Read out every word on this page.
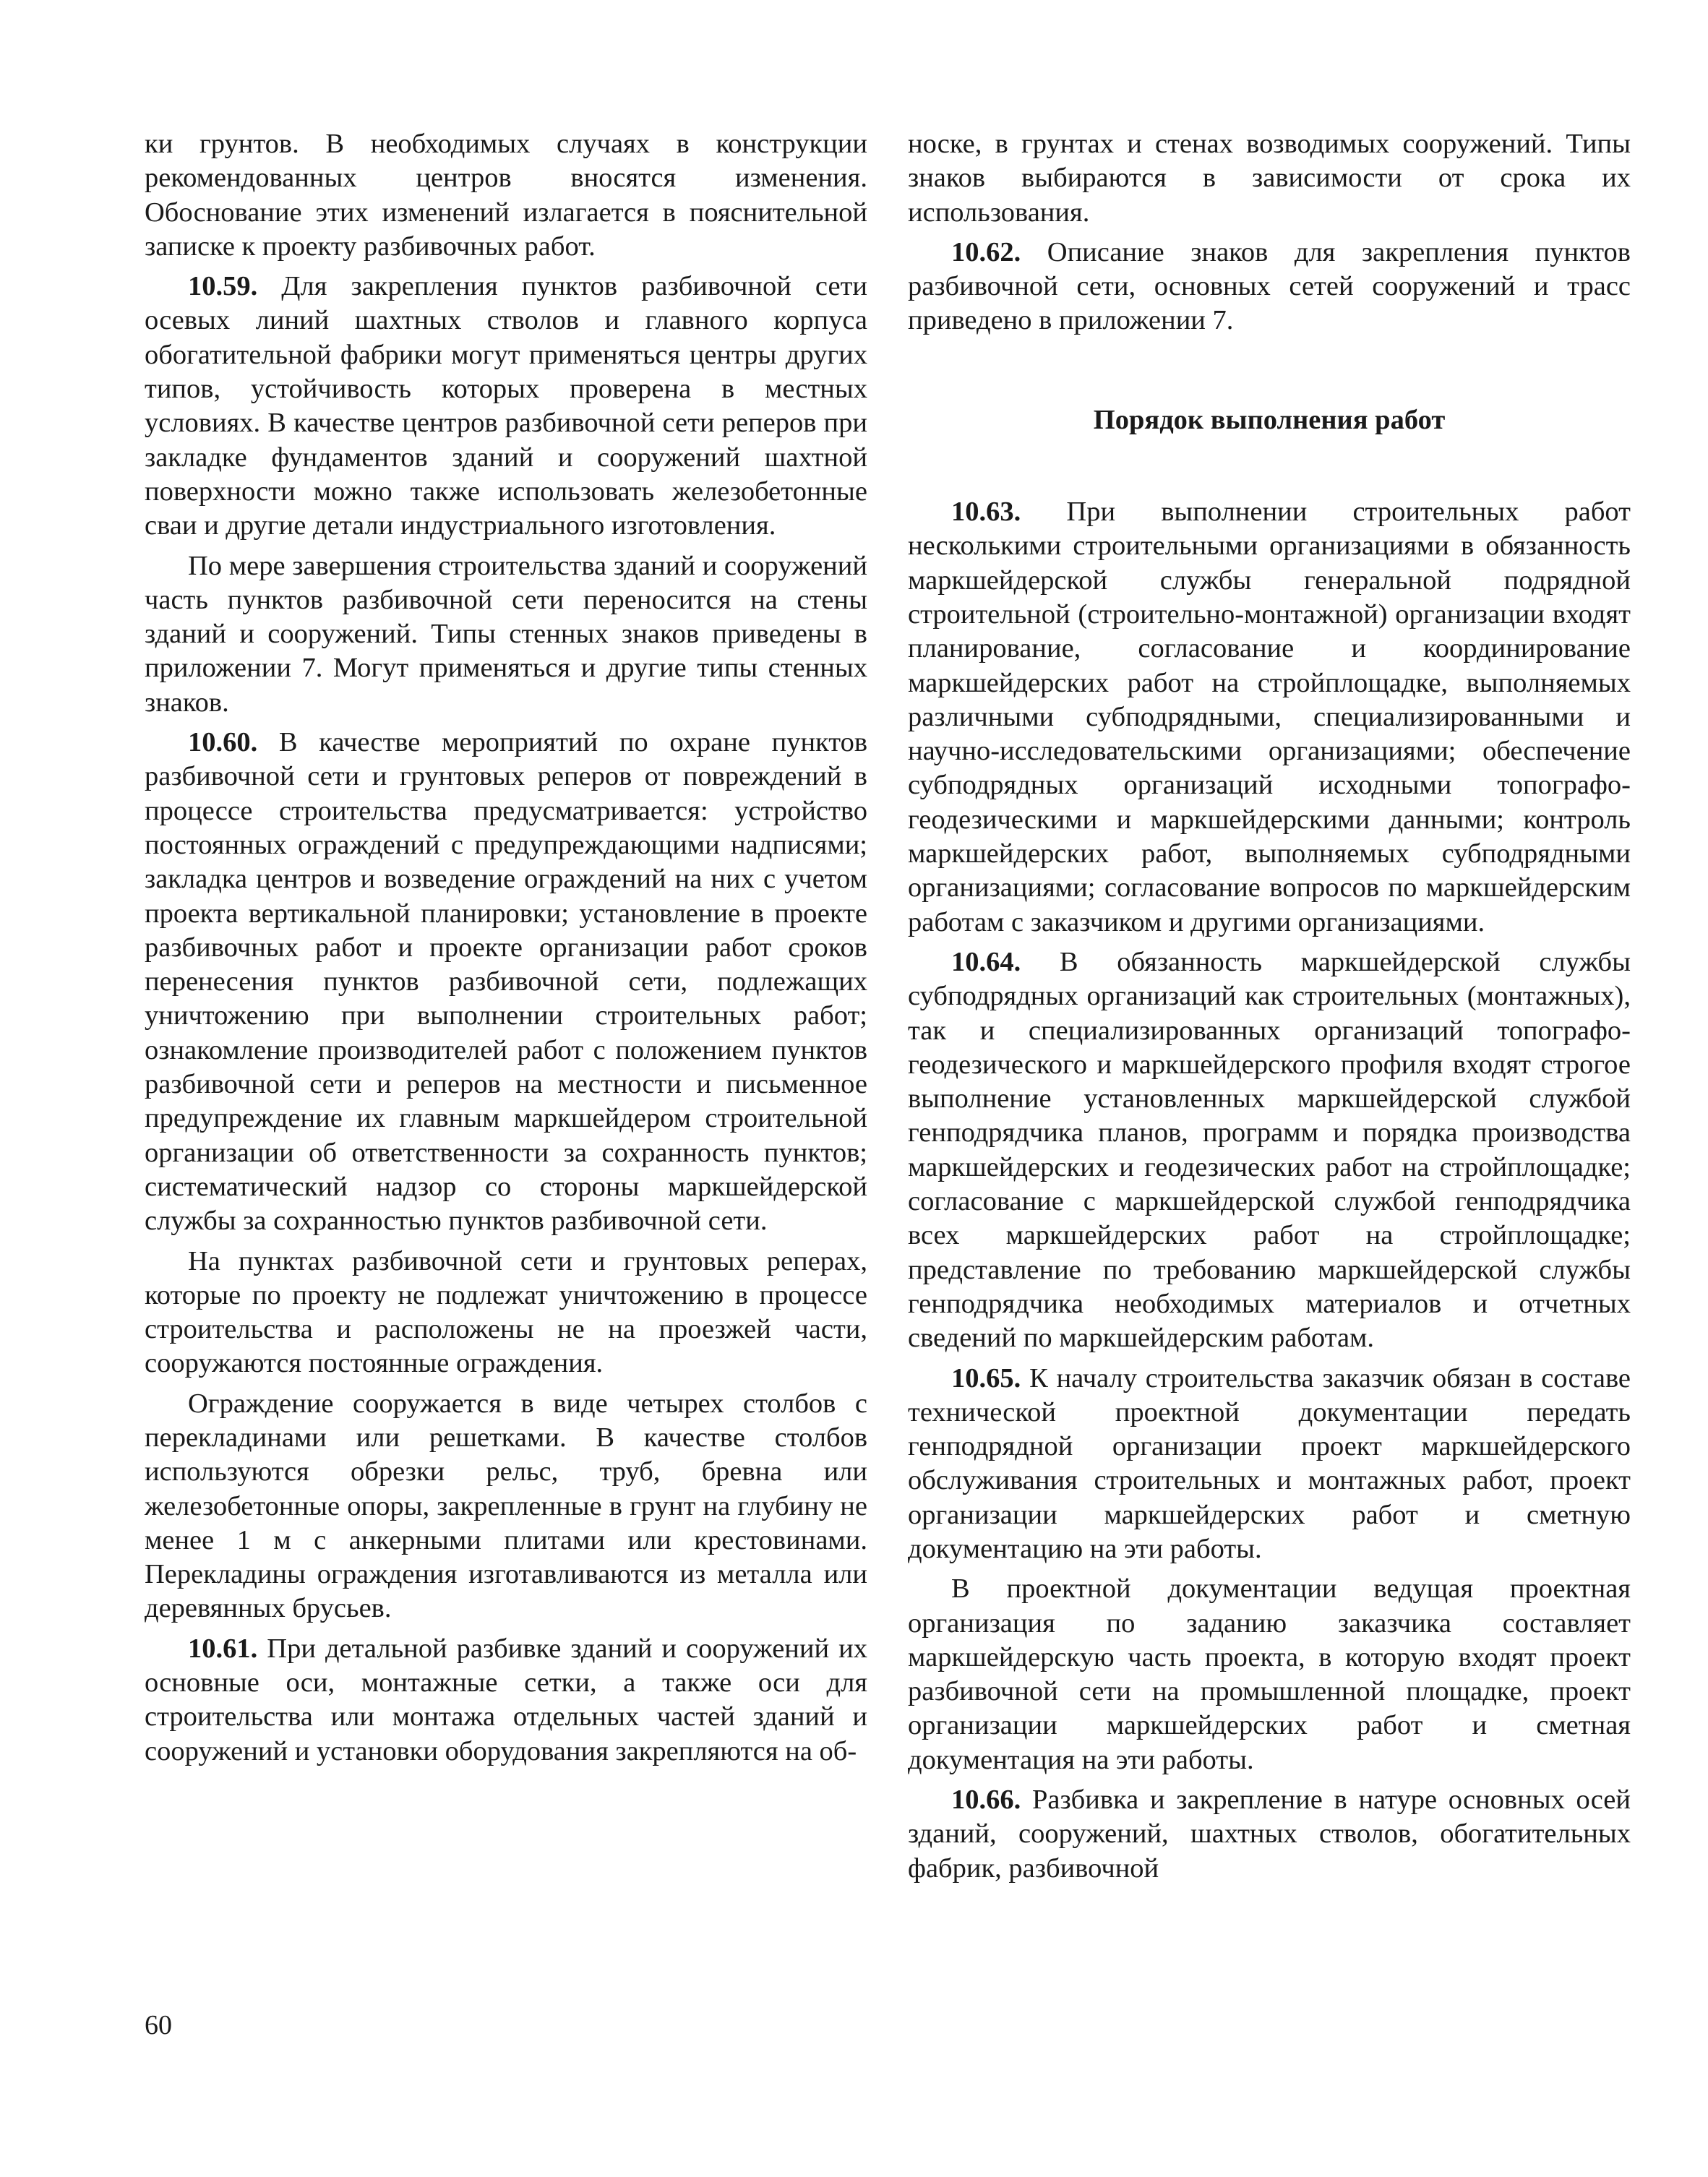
ки грунтов. В необходимых случаях в конструкции рекомендованных центров вносятся изменения. Обоснование этих изменений излагается в пояснительной записке к проекту разбивочных работ.

10.59. Для закрепления пунктов разбивочной сети осевых линий шахтных стволов и главного корпуса обогатительной фабрики могут применяться центры других типов, устойчивость которых проверена в местных условиях. В качестве центров разбивочной сети реперов при закладке фундаментов зданий и сооружений шахтной поверхности можно также использовать железобетонные сваи и другие детали индустриального изготовления.

По мере завершения строительства зданий и сооружений часть пунктов разбивочной сети переносится на стены зданий и сооружений. Типы стенных знаков приведены в приложении 7. Могут применяться и другие типы стенных знаков.

10.60. В качестве мероприятий по охране пунктов разбивочной сети и грунтовых реперов от повреждений в процессе строительства предусматривается: устройство постоянных ограждений с предупреждающими надписями; закладка центров и возведение ограждений на них с учетом проекта вертикальной планировки; установление в проекте разбивочных работ и проекте организации работ сроков перенесения пунктов разбивочной сети, подлежащих уничтожению при выполнении строительных работ; ознакомление производителей работ с положением пунктов разбивочной сети и реперов на местности и письменное предупреждение их главным маркшейдером строительной организации об ответственности за сохранность пунктов; систематический надзор со стороны маркшейдерской службы за сохранностью пунктов разбивочной сети.

На пунктах разбивочной сети и грунтовых реперах, которые по проекту не подлежат уничтожению в процессе строительства и расположены не на проезжей части, сооружаются постоянные ограждения.

Ограждение сооружается в виде четырех столбов с перекладинами или решетками. В качестве столбов используются обрезки рельс, труб, бревна или железобетонные опоры, закрепленные в грунт на глубину не менее 1 м с анкерными плитами или крестовинами. Перекладины ограждения изготавливаются из металла или деревянных брусьев.

10.61. При детальной разбивке зданий и сооружений их основные оси, монтажные сетки, а также оси для строительства или монтажа отдельных частей зданий и сооружений и установки оборудования закрепляются на об-

носке, в грунтах и стенах возводимых сооружений. Типы знаков выбираются в зависимости от срока их использования.

10.62. Описание знаков для закрепления пунктов разбивочной сети, основных сетей сооружений и трасс приведено в приложении 7.

Порядок выполнения работ

10.63. При выполнении строительных работ несколькими строительными организациями в обязанность маркшейдерской службы генеральной подрядной строительной (строительно-монтажной) организации входят планирование, согласование и координирование маркшейдерских работ на стройплощадке, выполняемых различными субподрядными, специализированными и научно-исследовательскими организациями; обеспечение субподрядных организаций исходными топографо-геодезическими и маркшейдерскими данными; контроль маркшейдерских работ, выполняемых субподрядными организациями; согласование вопросов по маркшейдерским работам с заказчиком и другими организациями.

10.64. В обязанность маркшейдерской службы субподрядных организаций как строительных (монтажных), так и специализированных организаций топографо-геодезического и маркшейдерского профиля входят строгое выполнение установленных маркшейдерской службой генподрядчика планов, программ и порядка производства маркшейдерских и геодезических работ на стройплощадке; согласование с маркшейдерской службой генподрядчика всех маркшейдерских работ на стройплощадке; представление по требованию маркшейдерской службы генподрядчика необходимых материалов и отчетных сведений по маркшейдерским работам.

10.65. К началу строительства заказчик обязан в составе технической проектной документации передать генподрядной организации проект маркшейдерского обслуживания строительных и монтажных работ, проект организации маркшейдерских работ и сметную документацию на эти работы.

В проектной документации ведущая проектная организация по заданию заказчика составляет маркшейдерскую часть проекта, в которую входят проект разбивочной сети на промышленной площадке, проект организации маркшейдерских работ и сметная документация на эти работы.

10.66. Разбивка и закрепление в натуре основных осей зданий, сооружений, шахтных стволов, обогатительных фабрик, разбивочной

60
